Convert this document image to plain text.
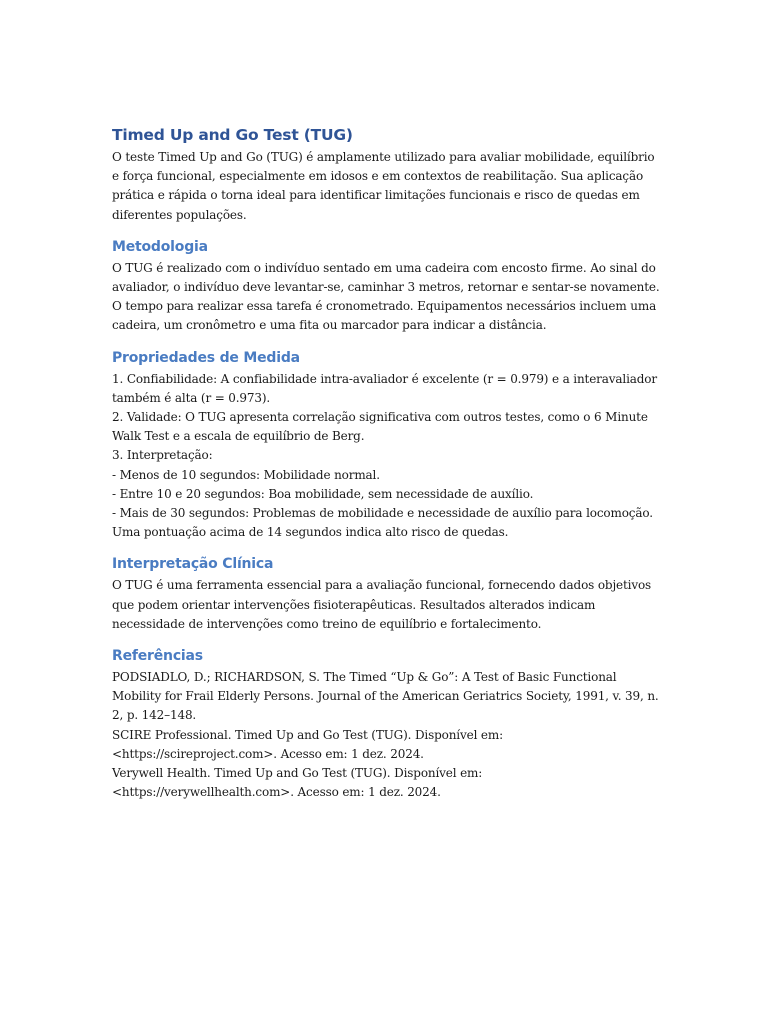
Timed Up and Go Test (TUG)

O teste Timed Up and Go (TUG) é amplamente utilizado para avaliar mobilidade, equilíbrio e força funcional, especialmente em idosos e em contextos de reabilitação. Sua aplicação prática e rápida o torna ideal para identificar limitações funcionais e risco de quedas em diferentes populações.

Metodologia

O TUG é realizado com o indivíduo sentado em uma cadeira com encosto firme. Ao sinal do avaliador, o indivíduo deve levantar-se, caminhar 3 metros, retornar e sentar-se novamente. O tempo para realizar essa tarefa é cronometrado. Equipamentos necessários incluem uma cadeira, um cronômetro e uma fita ou marcador para indicar a distância.

Propriedades de Medida

1. Confiabilidade: A confiabilidade intra-avaliador é excelente (r = 0.979) e a interavaliador também é alta (r = 0.973).

2. Validade: O TUG apresenta correlação significativa com outros testes, como o 6 Minute Walk Test e a escala de equilíbrio de Berg.

3. Interpretação:

- Menos de 10 segundos: Mobilidade normal.

- Entre 10 e 20 segundos: Boa mobilidade, sem necessidade de auxílio.

- Mais de 30 segundos: Problemas de mobilidade e necessidade de auxílio para locomoção. Uma pontuação acima de 14 segundos indica alto risco de quedas.

Interpretação Clínica

O TUG é uma ferramenta essencial para a avaliação funcional, fornecendo dados objetivos que podem orientar intervenções fisioterapêuticas. Resultados alterados indicam necessidade de intervenções como treino de equilíbrio e fortalecimento.

Referências

PODSIADLO, D.; RICHARDSON, S. The Timed “Up & Go”: A Test of Basic Functional Mobility for Frail Elderly Persons. Journal of the American Geriatrics Society, 1991, v. 39, n. 2, p. 142–148.

SCIRE Professional. Timed Up and Go Test (TUG). Disponível em: <https://scireproject.com>. Acesso em: 1 dez. 2024.

Verywell Health. Timed Up and Go Test (TUG). Disponível em: <https://verywellhealth.com>. Acesso em: 1 dez. 2024.
